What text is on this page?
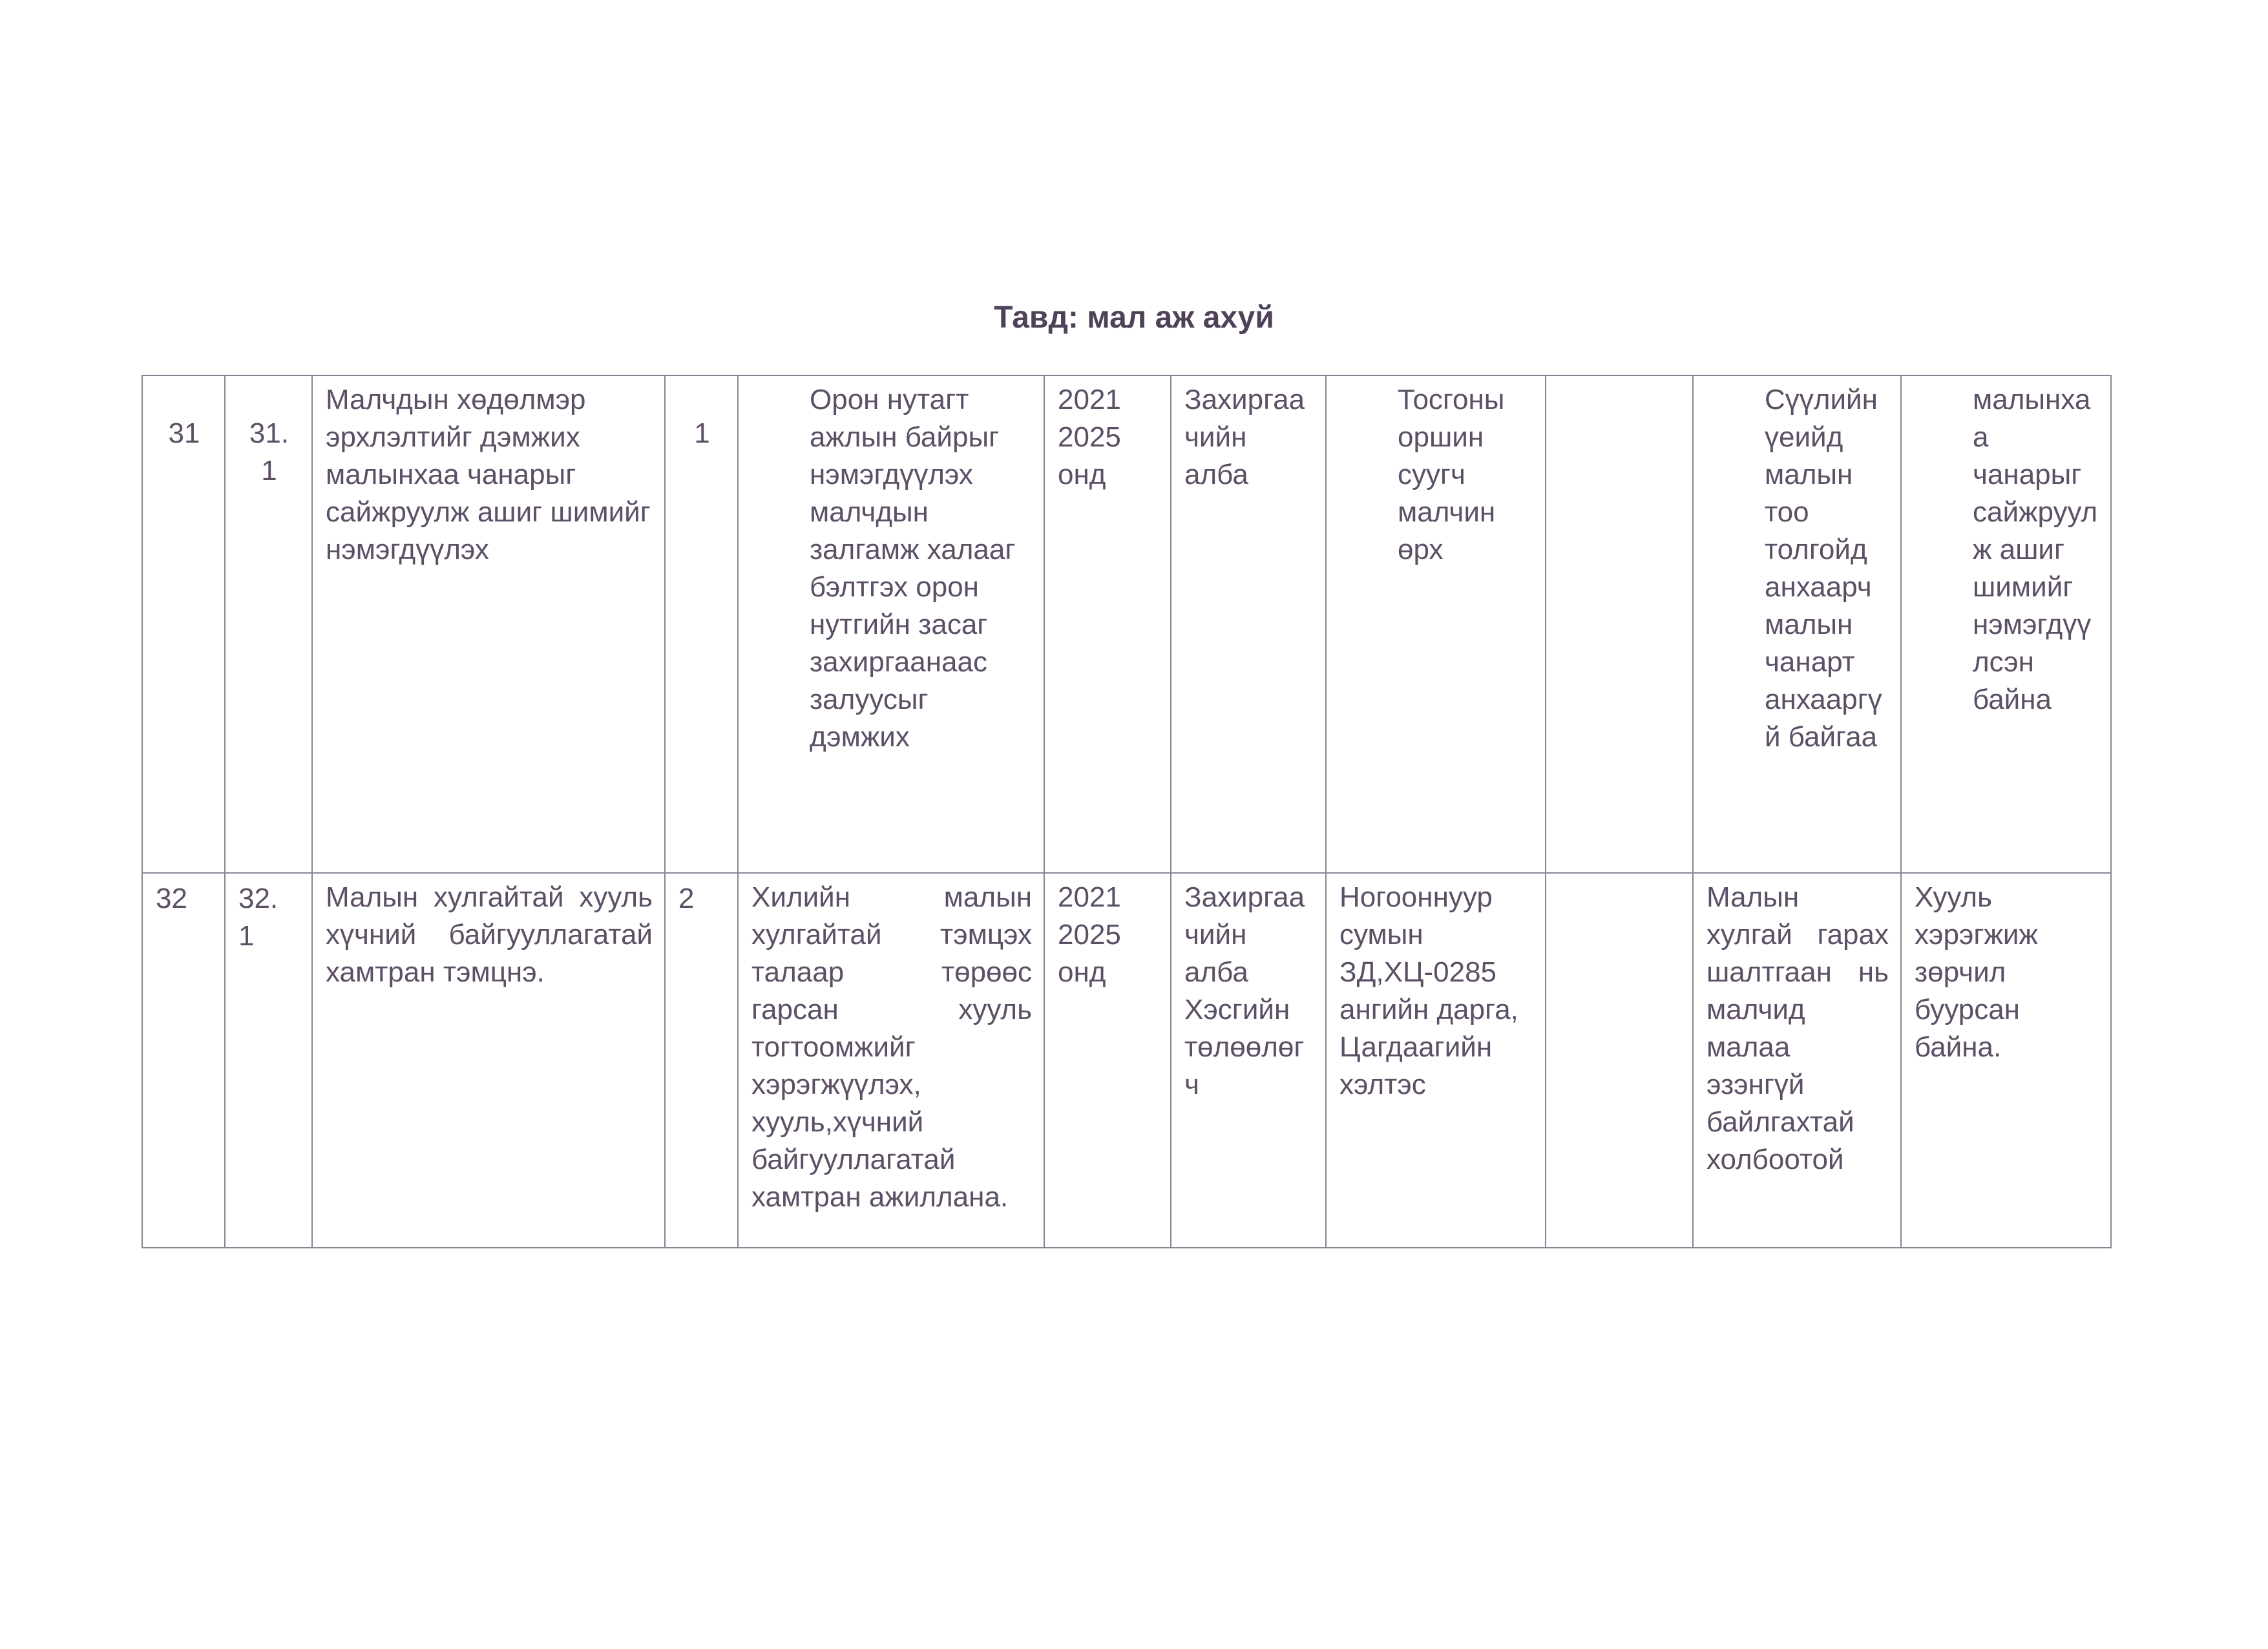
Тавд: мал аж ахуй
31	31. 1	Малчдын хөдөлмэр эрхлэлтийг дэмжих малынхаа чанарыг сайжруулж ашиг шимийг нэмэгдүүлэх	1	Орон нутагт ажлын байрыг нэмэгдүүлэх малчдын залгамж халааг бэлтгэх орон нутгийн засаг захиргаанаас залуусыг дэмжих	2021 2025 онд	Захиргаачийн алба	Тосгоны оршин суугч малчин өрх		Сүүлийн үеийд малын тоо толгойд анхаарч малын чанарт анхааргүй байгаа	малынхаа чанарыг сайжруулж ашиг шимийг нэмэгдүүлсэн байна
32	32. 1	Малын хулгайтай хууль хүчний байгууллагатай хамтран тэмцнэ.	2	Хилийн малын хулгайтай тэмцэх талаар төрөөс гарсан хууль тогтоомжийг хэрэгжүүлэх, хууль,хүчний байгууллагатай хамтран ажиллана.	2021 2025 онд	Захиргаачийн алба Хэсгийн төлөөлөгч	Ногооннуур сумын ЗД,ХЦ-0285 ангийн дарга, Цагдаагийн хэлтэс		Малын хулгай гарах шалтгаан нь малчид малаа эзэнгүй байлгахтай холбоотой	Хууль хэрэгжиж зөрчил буурсан байна.
